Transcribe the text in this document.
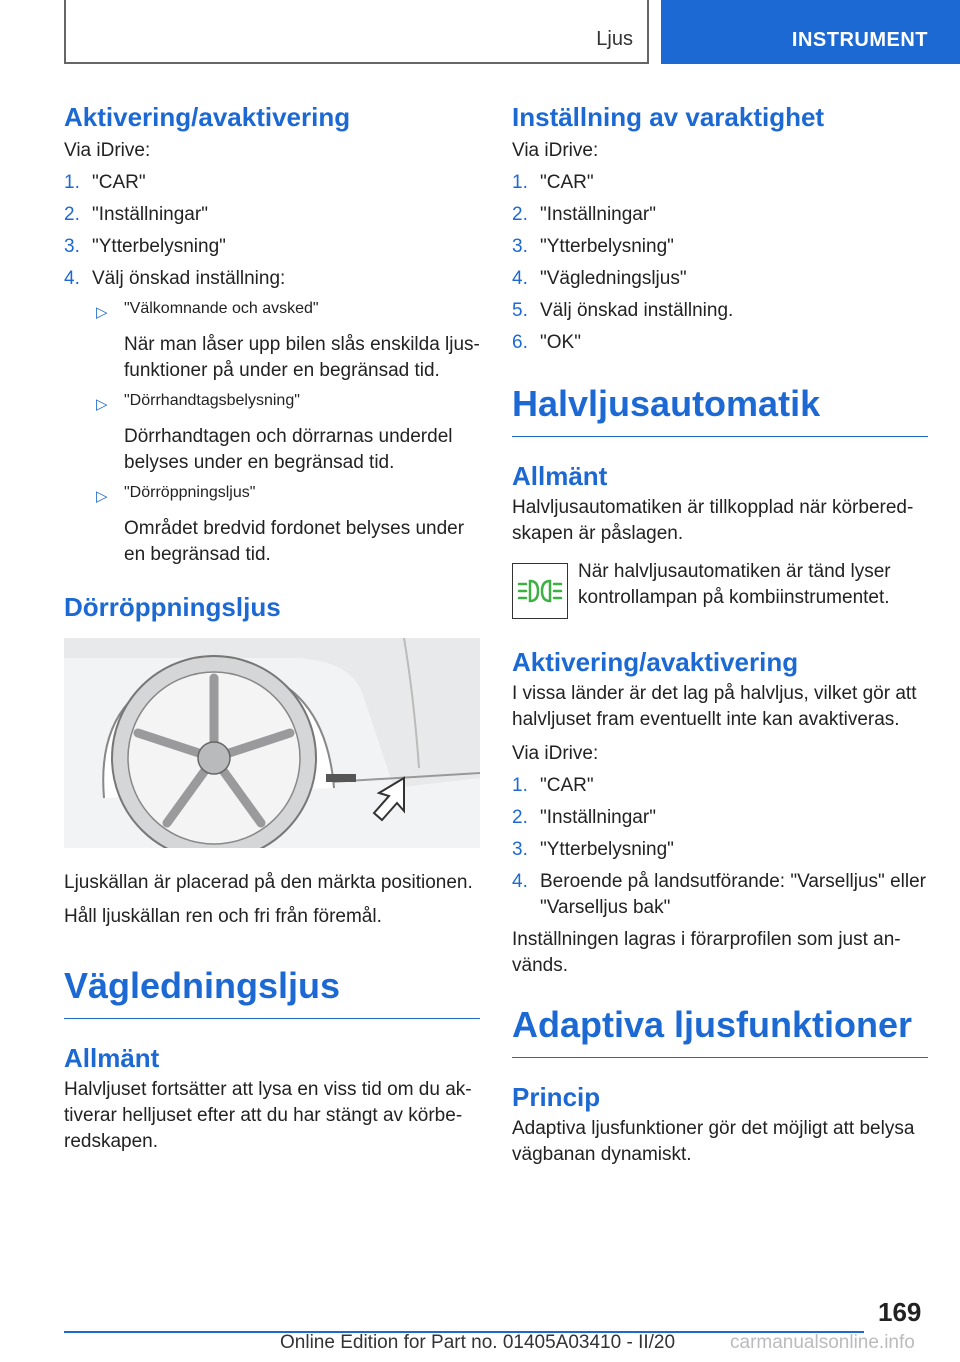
Ljus	INSTRUMENT
Aktivering/avaktivering

Via iDrive:

1. "CAR"
2. "Inställningar"
3. "Ytterbelysning"
4. Välj önskad inställning:
▷	"Välkomnande och avsked"
När man låser upp bilen slås enskilda ljus-funktioner på under en begränsad tid.
▷	"Dörrhandtagsbelysning"
Dörrhandtagen och dörrarnas underdel belyses under en begränsad tid.
▷	"Dörröppningsljus"
Området bredvid fordonet belyses under en begränsad tid.
Dörröppningsljus

Ljuskällan är placerad på den märkta positionen.

Håll ljuskällan ren och fri från föremål.

Vägledningsljus
Allmänt

Halvljuset fortsätter att lysa en viss tid om du ak-tiverar helljuset efter att du har stängt av körbe-redskapen.

Inställning av varaktighet

Via iDrive:

1. "CAR"
2. "Inställningar"
3. "Ytterbelysning"
4. "Vägledningsljus"
5. Välj önskad inställning.
6. "OK"
Halvljusautomatik
Allmänt

Halvljusautomatiken är tillkopplad när körbered-skapen är påslagen.

När halvljusautomatiken är tänd lyser kontrollampan på kombiinstrumentet.

Aktivering/avaktivering

I vissa länder är det lag på halvljus, vilket gör att halvljuset fram eventuellt inte kan avaktiveras.

Via iDrive:

1. "CAR"
2. "Inställningar"
3. "Ytterbelysning"
4. Beroende på landsutförande: "Varselljus" eller "Varselljus bak"

Inställningen lagras i förarprofilen som just an-vänds.

Adaptiva ljusfunktioner
Princip

Adaptiva ljusfunktioner gör det möjligt att belysa vägbanan dynamiskt.

169
Online Edition for Part no. 01405A03410 - II/20	carmanualsonline.info
